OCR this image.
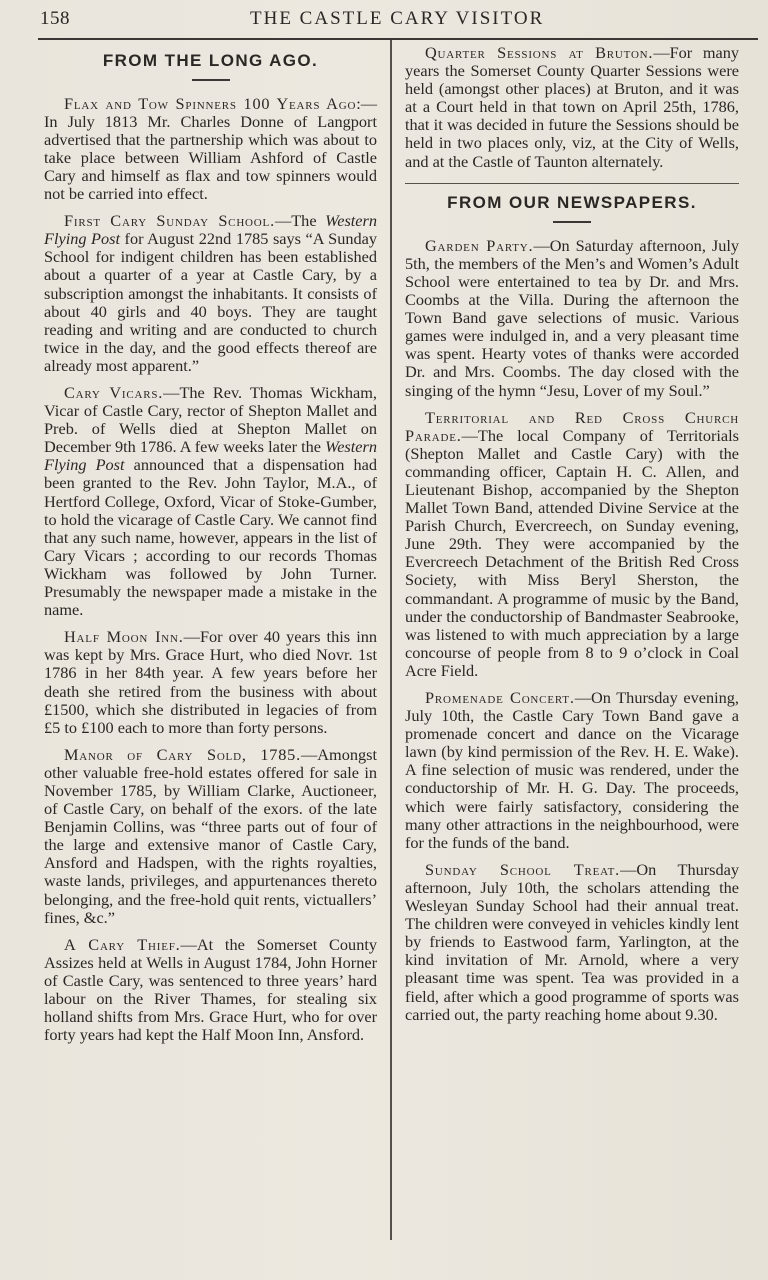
158	THE CASTLE CARY VISITOR
FROM THE LONG AGO.

Flax and Tow Spinners 100 Years Ago:—In July 1813 Mr. Charles Donne of Langport advertised that the partnership which was about to take place between William Ashford of Castle Cary and himself as flax and tow spinners would not be carried into effect.

First Cary Sunday School.—The Western Flying Post for August 22nd 1785 says “A Sunday School for indigent children has been established about a quarter of a year at Castle Cary, by a subscription amongst the inhabitants. It consists of about 40 girls and 40 boys. They are taught reading and writing and are conducted to church twice in the day, and the good effects thereof are already most apparent.”

Cary Vicars.—The Rev. Thomas Wickham, Vicar of Castle Cary, rector of Shepton Mallet and Preb. of Wells died at Shepton Mallet on December 9th 1786. A few weeks later the Western Flying Post announced that a dispensation had been granted to the Rev. John Taylor, M.A., of Hertford College, Oxford, Vicar of Stoke-Gumber, to hold the vicarage of Castle Cary. We cannot find that any such name, however, appears in the list of Cary Vicars ; according to our records Thomas Wickham was followed by John Turner. Presumably the newspaper made a mistake in the name.

Half Moon Inn.—For over 40 years this inn was kept by Mrs. Grace Hurt, who died Novr. 1st 1786 in her 84th year. A few years before her death she retired from the business with about £1500, which she distributed in legacies of from £5 to £100 each to more than forty persons.

Manor of Cary Sold, 1785.—Amongst other valuable free-hold estates offered for sale in November 1785, by William Clarke, Auctioneer, of Castle Cary, on behalf of the exors. of the late Benjamin Collins, was “three parts out of four of the large and extensive manor of Castle Cary, Ansford and Hadspen, with the rights royalties, waste lands, privileges, and appurtenances thereto belonging, and the free-hold quit rents, victuallers’ fines, &c.”

A Cary Thief.—At the Somerset County Assizes held at Wells in August 1784, John Horner of Castle Cary, was sentenced to three years’ hard labour on the River Thames, for stealing six holland shifts from Mrs. Grace Hurt, who for over forty years had kept the Half Moon Inn, Ansford.

Quarter Sessions at Bruton.—For many years the Somerset County Quarter Sessions were held (amongst other places) at Bruton, and it was at a Court held in that town on April 25th, 1786, that it was decided in future the Sessions should be held in two places only, viz, at the City of Wells, and at the Castle of Taunton alternately.

FROM OUR NEWSPAPERS.

Garden Party.—On Saturday afternoon, July 5th, the members of the Men’s and Women’s Adult School were entertained to tea by Dr. and Mrs. Coombs at the Villa. During the afternoon the Town Band gave selections of music. Various games were indulged in, and a very pleasant time was spent. Hearty votes of thanks were accorded Dr. and Mrs. Coombs. The day closed with the singing of the hymn “Jesu, Lover of my Soul.”

Territorial and Red Cross Church Parade.—The local Company of Territorials (Shepton Mallet and Castle Cary) with the commanding officer, Captain H. C. Allen, and Lieutenant Bishop, accompanied by the Shepton Mallet Town Band, attended Divine Service at the Parish Church, Evercreech, on Sunday evening, June 29th. They were accompanied by the Evercreech Detachment of the British Red Cross Society, with Miss Beryl Sherston, the commandant. A programme of music by the Band, under the conductorship of Bandmaster Seabrooke, was listened to with much appreciation by a large concourse of people from 8 to 9 o’clock in Coal Acre Field.

Promenade Concert.—On Thursday evening, July 10th, the Castle Cary Town Band gave a promenade concert and dance on the Vicarage lawn (by kind permission of the Rev. H. E. Wake). A fine selection of music was rendered, under the conductorship of Mr. H. G. Day. The proceeds, which were fairly satisfactory, considering the many other attractions in the neighbourhood, were for the funds of the band.

Sunday School Treat.—On Thursday afternoon, July 10th, the scholars attending the Wesleyan Sunday School had their annual treat. The children were conveyed in vehicles kindly lent by friends to Eastwood farm, Yarlington, at the kind invitation of Mr. Arnold, where a very pleasant time was spent. Tea was provided in a field, after which a good programme of sports was carried out, the party reaching home about 9.30.
